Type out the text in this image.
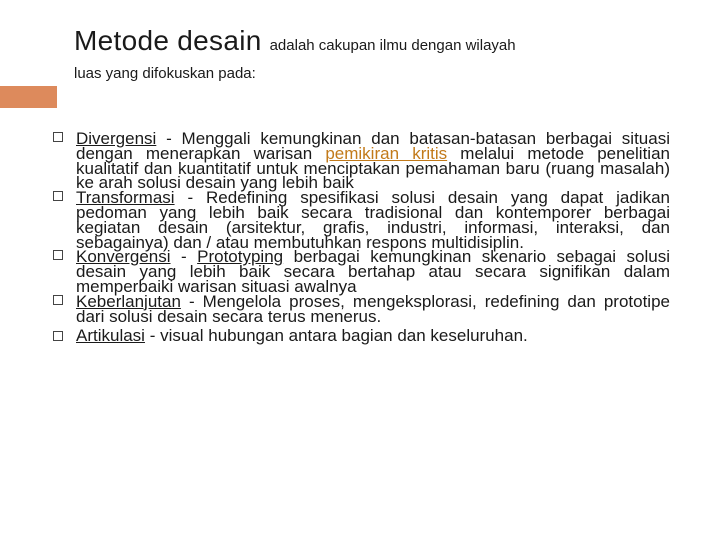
Metode desain adalah cakupan ilmu dengan wilayah
luas yang difokuskan pada:
Divergensi - Menggali kemungkinan dan batasan-batasan berbagai situasi dengan menerapkan warisan pemikiran kritis melalui metode penelitian kualitatif dan kuantitatif untuk menciptakan pemahaman baru (ruang masalah) ke arah solusi desain yang lebih baik
Transformasi - Redefining spesifikasi solusi desain yang dapat jadikan pedoman yang lebih baik secara tradisional dan kontemporer berbagai kegiatan desain (arsitektur, grafis, industri, informasi, interaksi, dan sebagainya) dan / atau membutuhkan respons multidisiplin.
Konvergensi - Prototyping berbagai kemungkinan skenario sebagai solusi desain yang lebih baik secara bertahap atau secara signifikan dalam memperbaiki warisan situasi awalnya
Keberlanjutan - Mengelola proses, mengeksplorasi, redefining dan prototipe dari solusi desain secara terus menerus.
Artikulasi - visual hubungan antara bagian dan keseluruhan.
